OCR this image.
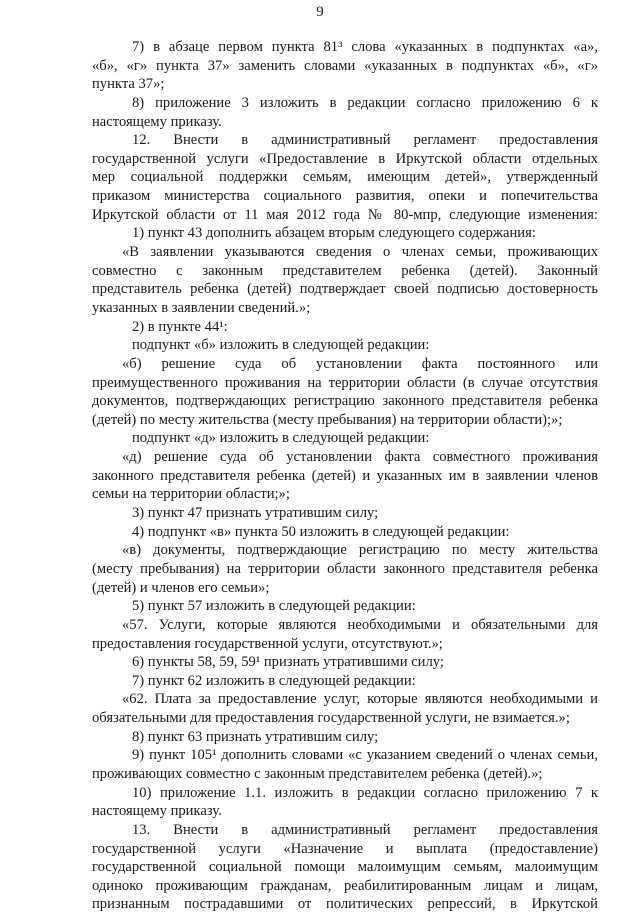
9
7) в абзаце первом пункта 81³ слова «указанных в подпунктах «а»,
«б», «г» пункта 37» заменить словами «указанных в подпунктах «б», «г»
пункта 37»;
8) приложение 3 изложить в редакции согласно приложению 6 к
настоящему приказу.
12. Внести в административный регламент предоставления
государственной услуги «Предоставление в Иркутской области отдельных
мер социальной поддержки семьям, имеющим детей», утвержденный
приказом министерства социального развития, опеки и попечительства
Иркутской области от 11 мая 2012 года № 80-мпр, следующие изменения:
1) пункт 43 дополнить абзацем вторым следующего содержания:
«В заявлении указываются сведения о членах семьи, проживающих
совместно с законным представителем ребенка (детей). Законный
представитель ребенка (детей) подтверждает своей подписью достоверность
указанных в заявлении сведений.»;
2) в пункте 44¹:
подпункт «б» изложить в следующей редакции:
«б) решение суда об установлении факта постоянного или
преимущественного проживания на территории области (в случае отсутствия
документов, подтверждающих регистрацию законного представителя ребенка
(детей) по месту жительства (месту пребывания) на территории области);»;
подпункт «д» изложить в следующей редакции:
«д) решение суда об установлении факта совместного проживания
законного представителя ребенка (детей) и указанных им в заявлении членов
семьи на территории области;»;
3) пункт 47 признать утратившим силу;
4) подпункт «в» пункта 50 изложить в следующей редакции:
«в) документы, подтверждающие регистрацию по месту жительства
(месту пребывания) на территории области законного представителя ребенка
(детей) и членов его семьи»;
5) пункт 57 изложить в следующей редакции:
«57. Услуги, которые являются необходимыми и обязательными для
предоставления государственной услуги, отсутствуют.»;
6) пункты 58, 59, 59¹ признать утратившими силу;
7) пункт 62 изложить в следующей редакции:
«62. Плата за предоставление услуг, которые являются необходимыми и
обязательными для предоставления государственной услуги, не взимается.»;
8) пункт 63 признать утратившим силу;
9) пункт 105¹ дополнить словами «с указанием сведений о членах семьи,
проживающих совместно с законным представителем ребенка (детей).»;
10) приложение 1.1. изложить в редакции согласно приложению 7 к
настоящему приказу.
13. Внести в административный регламент предоставления
государственной услуги «Назначение и выплата (предоставление)
государственной социальной помощи малоимущим семьям, малоимущим
одиноко проживающим гражданам, реабилитированным лицам и лицам,
признанным пострадавшими от политических репрессий, в Иркутской
